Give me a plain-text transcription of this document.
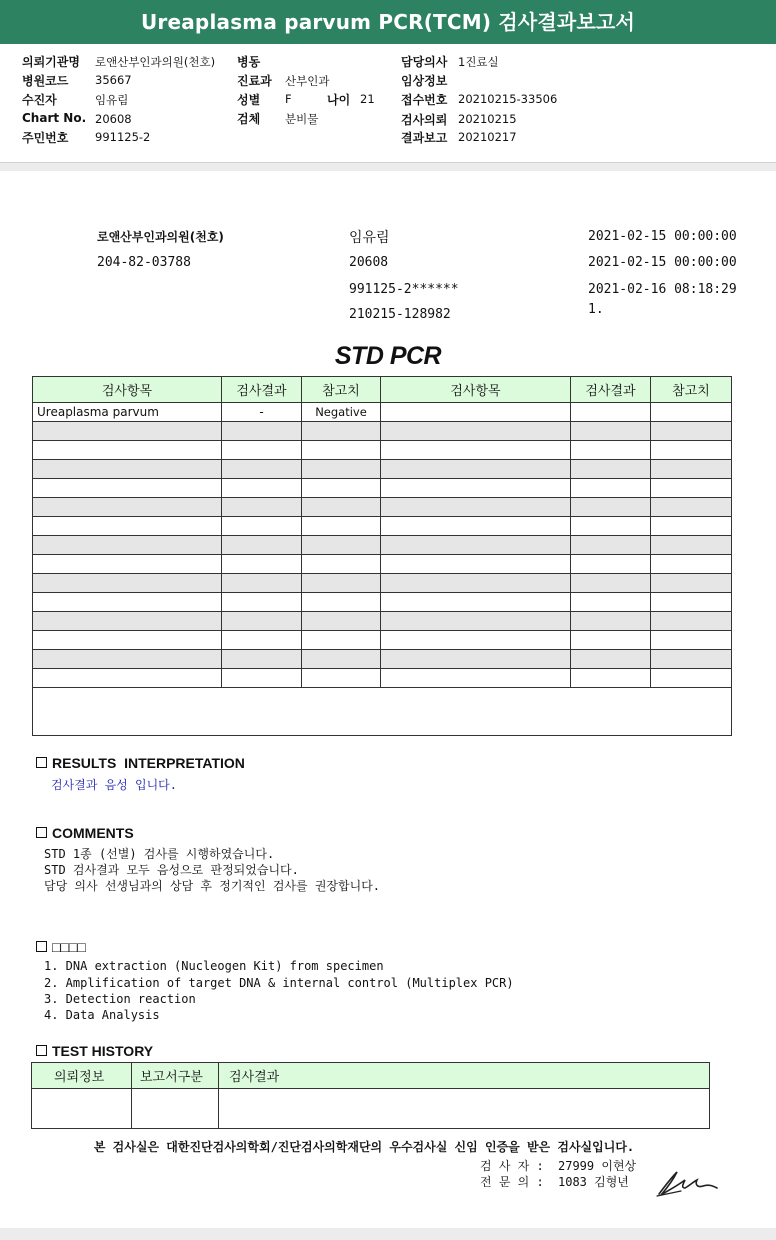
Ureaplasma parvum PCR(TCM) 검사결과보고서
의뢰기관명 로앤산부인과의원(천호)
병원코드 35667
수진자	임유림
Chart No. 20608
주민번호 991125-2
병동
진료과 산부인과
성별 F	나이 21
검체 분비물
담당의사 1진료실
임상정보
접수번호 20210215-33506
검사의뢰 20210215
결과보고 20210217
로앤산부인과의원(천호)
204-82-03788
임유림
20608
991125-2******
210215-128982
2021-02-15 00:00:00
2021-02-15 00:00:00
2021-02-16 08:18:29
1.
STD PCR
검사항목	검사결과	참고치	검사항목	검사결과	참고치
Ureaplasma parvum	-	Negative			

RESULTS  INTERPRETATION
검사결과 음성 입니다.
COMMENTS
STD 1종 (선별) 검사를 시행하였습니다.
STD 검사결과 모두 음성으로 판정되었습니다.
담당 의사 선생님과의 상담 후 정기적인 검사를 권장합니다.
□□□□
1. DNA extraction (Nucleogen Kit) from specimen
2. Amplification of target DNA & internal control (Multiplex PCR)
3. Detection reaction
4. Data Analysis
TEST HISTORY
의뢰정보	보고서구분	검사결과

본 검사실은 대한진단검사의학회/진단검사의학재단의 우수검사실 신임 인증을 받은 검사실입니다.
검 사 자 : 27999 이현상
전 문 의 : 1083 김형년
